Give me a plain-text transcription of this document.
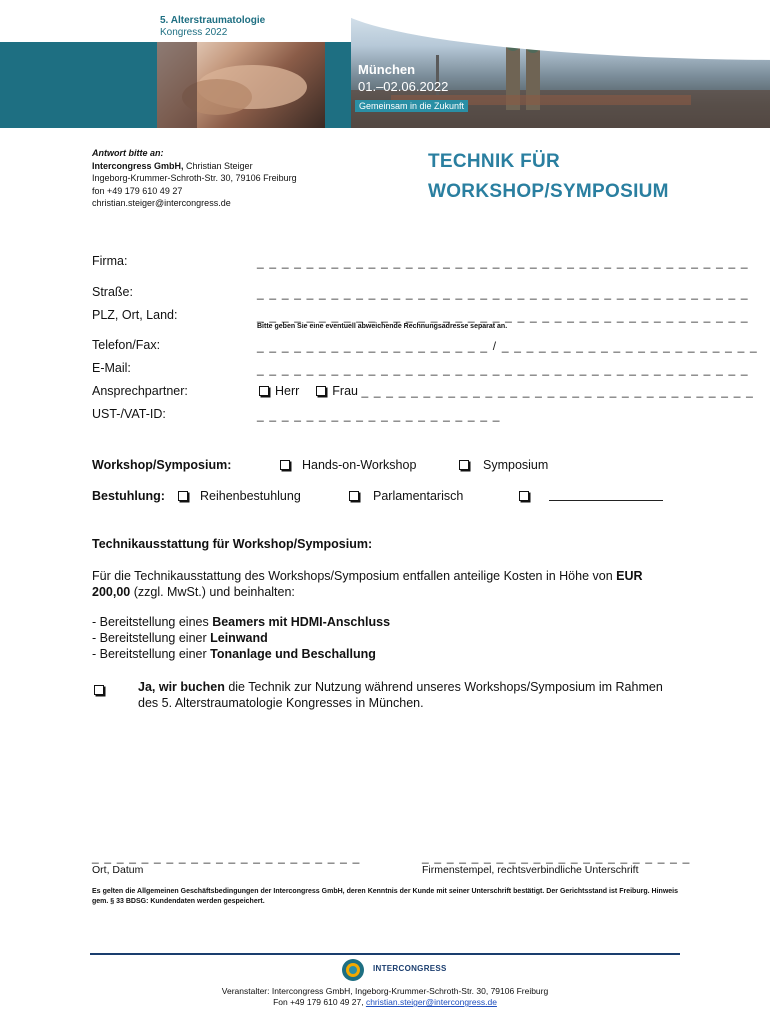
5. Alterstraumatologie
Kongress 2022
München
01.–02.06.2022
Gemeinsam in die Zukunft
Antwort bitte an:
Intercongress GmbH, Christian Steiger
Ingeborg-Krummer-Schroth-Str. 30, 79106 Freiburg
fon +49 179 610 49 27
christian.steiger@intercongress.de
TECHNIK FÜR
WORKSHOP/SYMPOSIUM
Firma:	_ _ _ _ _ _ _ _ _ _ _ _ _ _ _ _ _ _ _ _ _ _ _ _ _ _ _ _ _ _ _ _ _ _ _ _ _ _ _ _
Straße:	_ _ _ _ _ _ _ _ _ _ _ _ _ _ _ _ _ _ _ _ _ _ _ _ _ _ _ _ _ _ _ _ _ _ _ _ _ _ _ _
PLZ, Ort, Land:	_ _ _ _ _ _ _ _ _ _ _ _ _ _ _ _ _ _ _ _ _ _ _ _ _ _ _ _ _ _ _ _ _ _ _ _ _ _ _ _
Bitte geben Sie eine eventuell abweichende Rechnungsadresse separat an.
Telefon/Fax:	_ _ _ _ _ _ _ _ _ _ _ _ _ _ _ _ _ _ _ / _ _ _ _ _ _ _ _ _ _ _ _ _ _ _ _ _ _ _ _ _
E-Mail:	_ _ _ _ _ _ _ _ _ _ _ _ _ _ _ _ _ _ _ _ _ _ _ _ _ _ _ _ _ _ _ _ _ _ _ _ _ _ _ _
Ansprechpartner:	Herr	Frau _ _ _ _ _ _ _ _ _ _ _ _ _ _ _ _ _ _ _ _ _ _ _ _ _ _ _ _ _ _ _ _
UST-/VAT-ID:	_ _ _ _ _ _ _ _ _ _ _ _ _ _ _ _ _ _ _ _
Workshop/Symposium:	Hands-on-Workshop	Symposium
Bestuhlung:	Reihenbestuhlung	Parlamentarisch
Technikausstattung für Workshop/Symposium:
Für die Technikausstattung des Workshops/Symposium entfallen anteilige Kosten in Höhe von EUR 200,00 (zzgl. MwSt.) und beinhalten:
- Bereitstellung eines Beamers mit HDMI-Anschluss
- Bereitstellung einer Leinwand
- Bereitstellung einer Tonanlage und Beschallung
Ja, wir buchen die Technik zur Nutzung während unseres Workshops/Symposium im Rahmen des 5. Alterstraumatologie Kongresses in München.
_ _ _ _ _ _ _ _ _ _ _ _ _ _ _ _ _ _ _ _ _ _	_ _ _ _ _ _ _ _ _ _ _ _ _ _ _ _ _ _ _ _ _ _
Ort, Datum	Firmenstempel, rechtsverbindliche Unterschrift
Es gelten die Allgemeinen Geschäftsbedingungen der Intercongress GmbH, deren Kenntnis der Kunde mit seiner Unterschrift bestätigt. Der Gerichtsstand ist Freiburg. Hinweis gem. § 33 BDSG: Kundendaten werden gespeichert.
INTERCONGRESS
Veranstalter: Intercongress GmbH, Ingeborg-Krummer-Schroth-Str. 30, 79106 Freiburg
Fon +49 179 610 49 27, christian.steiger@intercongress.de
